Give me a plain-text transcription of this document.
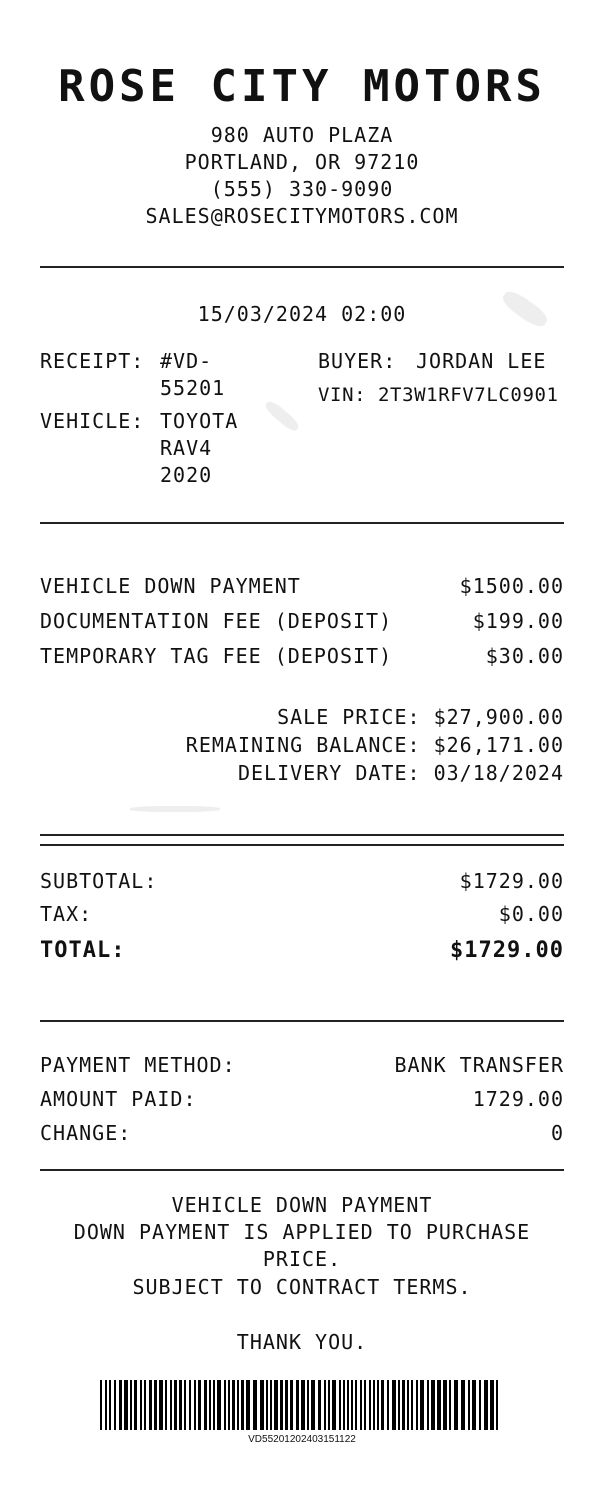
ROSE CITY MOTORS
980 AUTO PLAZA
PORTLAND, OR 97210
(555) 330-9090
SALES@ROSECITYMOTORS.COM
15/03/2024 02:00
RECEIPT: #VD-
55201
VEHICLE: TOYOTA
RAV4
2020
BUYER: JORDAN LEE
VIN: 2T3W1RFV7LC0901
VEHICLE DOWN PAYMENT	$1500.00
DOCUMENTATION FEE (DEPOSIT)	$199.00
TEMPORARY TAG FEE (DEPOSIT)	$30.00
SALE PRICE: $27,900.00
REMAINING BALANCE: $26,171.00
DELIVERY DATE: 03/18/2024
SUBTOTAL:	$1729.00
TAX:	$0.00
TOTAL:	$1729.00
PAYMENT METHOD:	BANK TRANSFER
AMOUNT PAID:	1729.00
CHANGE:	0
VEHICLE DOWN PAYMENT
DOWN PAYMENT IS APPLIED TO PURCHASE
PRICE.
SUBJECT TO CONTRACT TERMS.
THANK YOU.
VD55201202403151122
